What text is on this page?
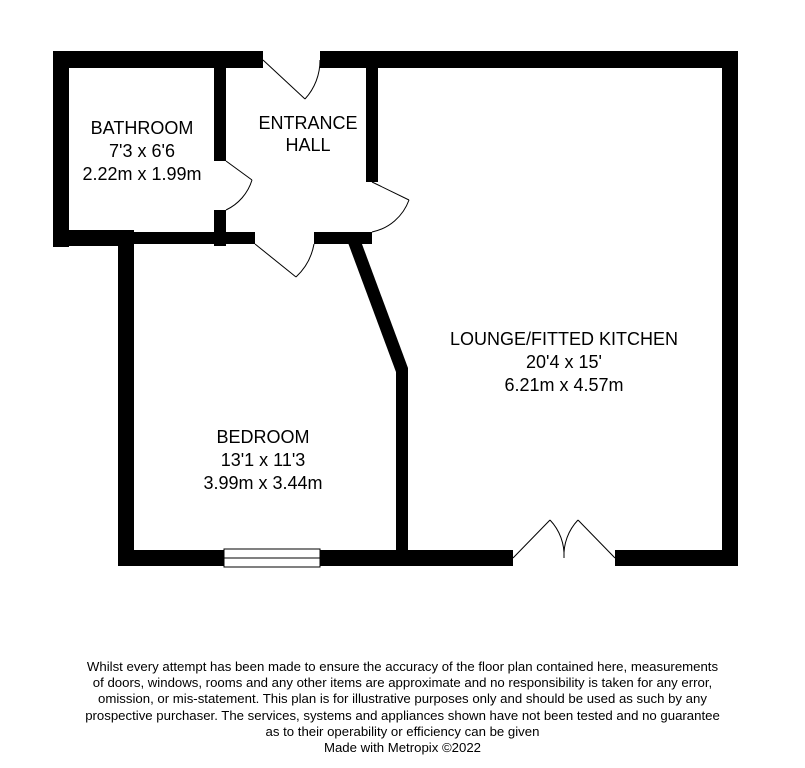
BATHROOM
7'3 x 6'6
2.22m x 1.99m
ENTRANCE
HALL
LOUNGE/FITTED KITCHEN
20'4 x 15'
6.21m x 4.57m
BEDROOM
13'1 x 11'3
3.99m x 3.44m
Whilst every attempt has been made to ensure the accuracy of the floor plan contained here, measurements
of doors, windows, rooms and any other items are approximate and no responsibility is taken for any error,
omission, or mis-statement. This plan is for illustrative purposes only and should be used as such by any
prospective purchaser. The services, systems and appliances shown have not been tested and no guarantee
as to their operability or efficiency can be given
Made with Metropix ©2022
